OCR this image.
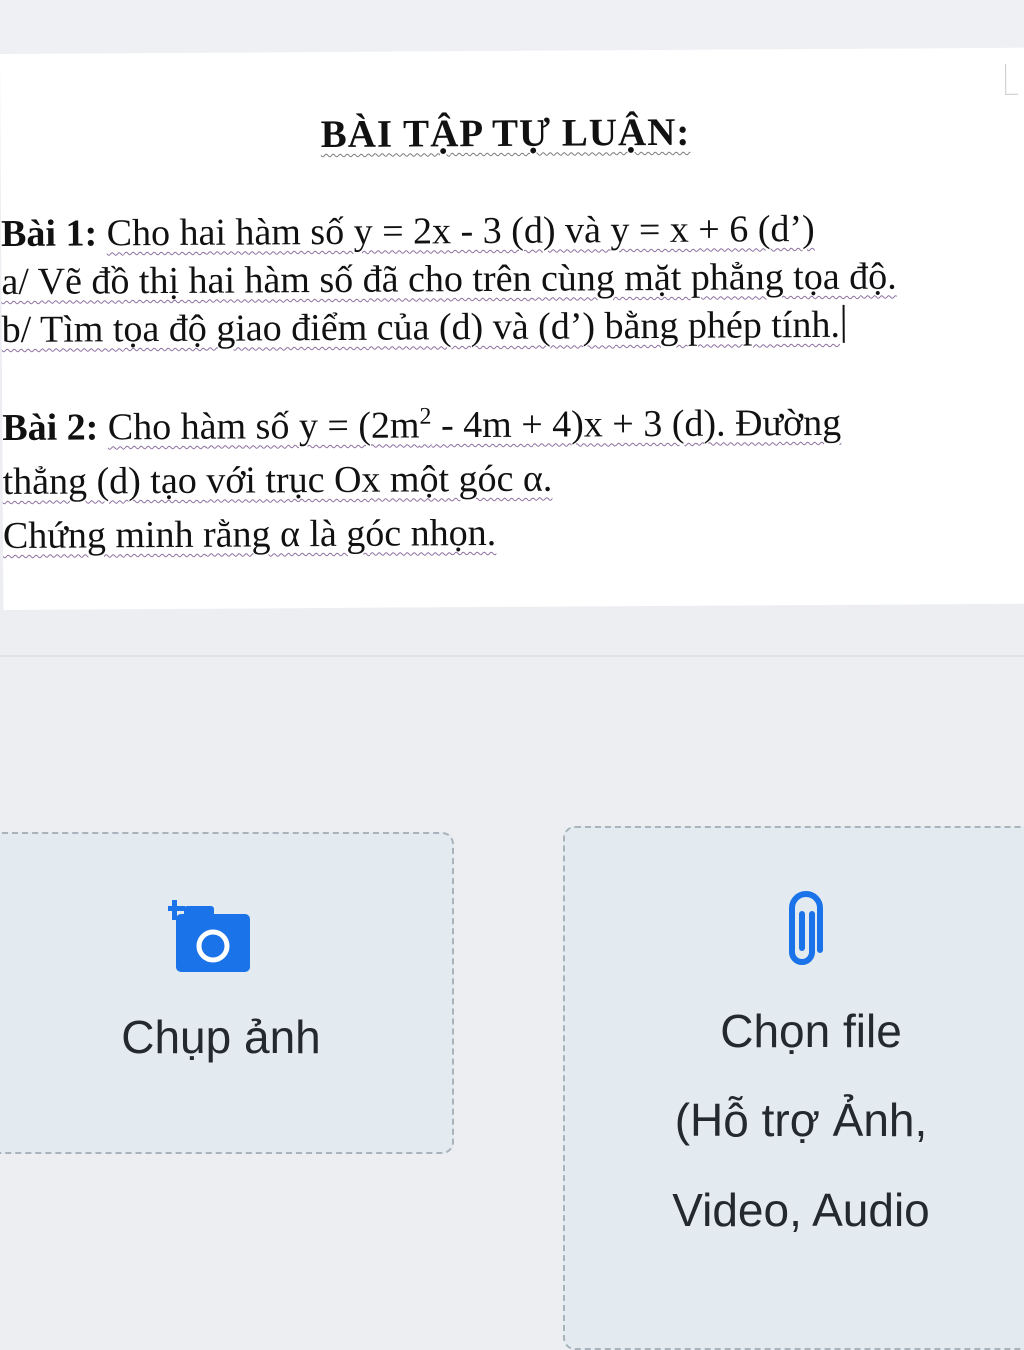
BÀI TẬP TỰ LUẬN:
Bài 1: Cho hai hàm số y = 2x - 3 (d) và y = x + 6 (d’)
a/ Vẽ đồ thị hai hàm số đã cho trên cùng mặt phẳng tọa độ.
b/ Tìm tọa độ giao điểm của (d) và (d’) bằng phép tính.
Bài 2: Cho hàm số $y = (2m^2 - 4m + 4)x + 3$ (d). Đường
thẳng (d) tạo với trục Ox một góc α.
Chứng minh rằng α là góc nhọn.
Chụp ảnh	Chọn file
(Hỗ trợ Ảnh,
Video, Audio
